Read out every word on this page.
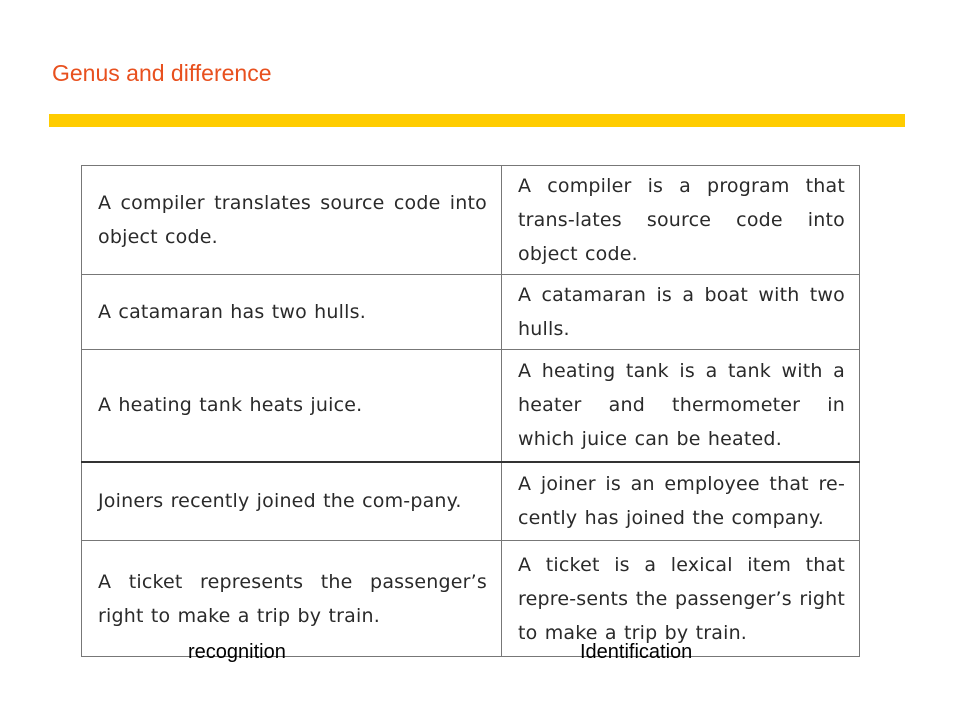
Genus and difference
A compiler translates source code into object code.	A compiler is a program that trans-lates source code into object code.
A catamaran has two hulls.	A catamaran is a boat with two hulls.
A heating tank heats juice.	A heating tank is a tank with a heater and thermometer in which juice can be heated.
Joiners recently joined the com-pany.	A joiner is an employee that re-cently has joined the company.
A ticket represents the passenger’s right to make a trip by train.	A ticket is a lexical item that repre-sents the passenger’s right to make a trip by train.
recognition	Identification
